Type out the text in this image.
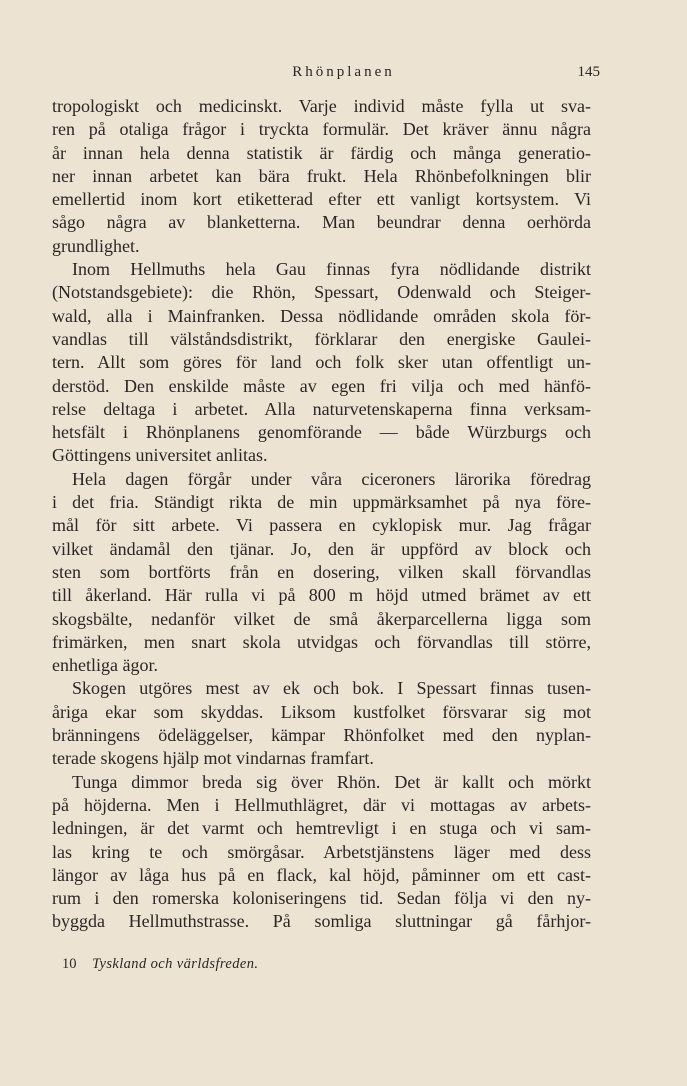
Rhönplanen	145
tropologiskt och medicinskt. Varje individ måste fylla ut sva-
ren på otaliga frågor i tryckta formulär. Det kräver ännu några
år innan hela denna statistik är färdig och många generatio-
ner innan arbetet kan bära frukt. Hela Rhönbefolkningen blir
emellertid inom kort etiketterad efter ett vanligt kortsystem. Vi
sågo några av blanketterna. Man beundrar denna oerhörda
grundlighet.
Inom Hellmuths hela Gau finnas fyra nödlidande distrikt
(Notstandsgebiete): die Rhön, Spessart, Odenwald och Steiger-
wald, alla i Mainfranken. Dessa nödlidande områden skola för-
vandlas till välståndsdistrikt, förklarar den energiske Gaulei-
tern. Allt som göres för land och folk sker utan offentligt un-
derstöd. Den enskilde måste av egen fri vilja och med hänfö-
relse deltaga i arbetet. Alla naturvetenskaperna finna verksam-
hetsfält i Rhönplanens genomförande — både Würzburgs och
Göttingens universitet anlitas.
Hela dagen förgår under våra ciceroners lärorika föredrag
i det fria. Ständigt rikta de min uppmärksamhet på nya före-
mål för sitt arbete. Vi passera en cyklopisk mur. Jag frågar
vilket ändamål den tjänar. Jo, den är uppförd av block och
sten som bortförts från en dosering, vilken skall förvandlas
till åkerland. Här rulla vi på 800 m höjd utmed brämet av ett
skogsbälte, nedanför vilket de små åkerparcellerna ligga som
frimärken, men snart skola utvidgas och förvandlas till större,
enhetliga ägor.
Skogen utgöres mest av ek och bok. I Spessart finnas tusen-
åriga ekar som skyddas. Liksom kustfolket försvarar sig mot
bränningens ödeläggelser, kämpar Rhönfolket med den nyplan-
terade skogens hjälp mot vindarnas framfart.
Tunga dimmor breda sig över Rhön. Det är kallt och mörkt
på höjderna. Men i Hellmuthlägret, där vi mottagas av arbets-
ledningen, är det varmt och hemtrevligt i en stuga och vi sam-
las kring te och smörgåsar. Arbetstjänstens läger med dess
längor av låga hus på en flack, kal höjd, påminner om ett cast-
rum i den romerska koloniseringens tid. Sedan följa vi den ny-
byggda Hellmuthstrasse. På somliga sluttningar gå fårhjor-
10 Tyskland och världsfreden.
